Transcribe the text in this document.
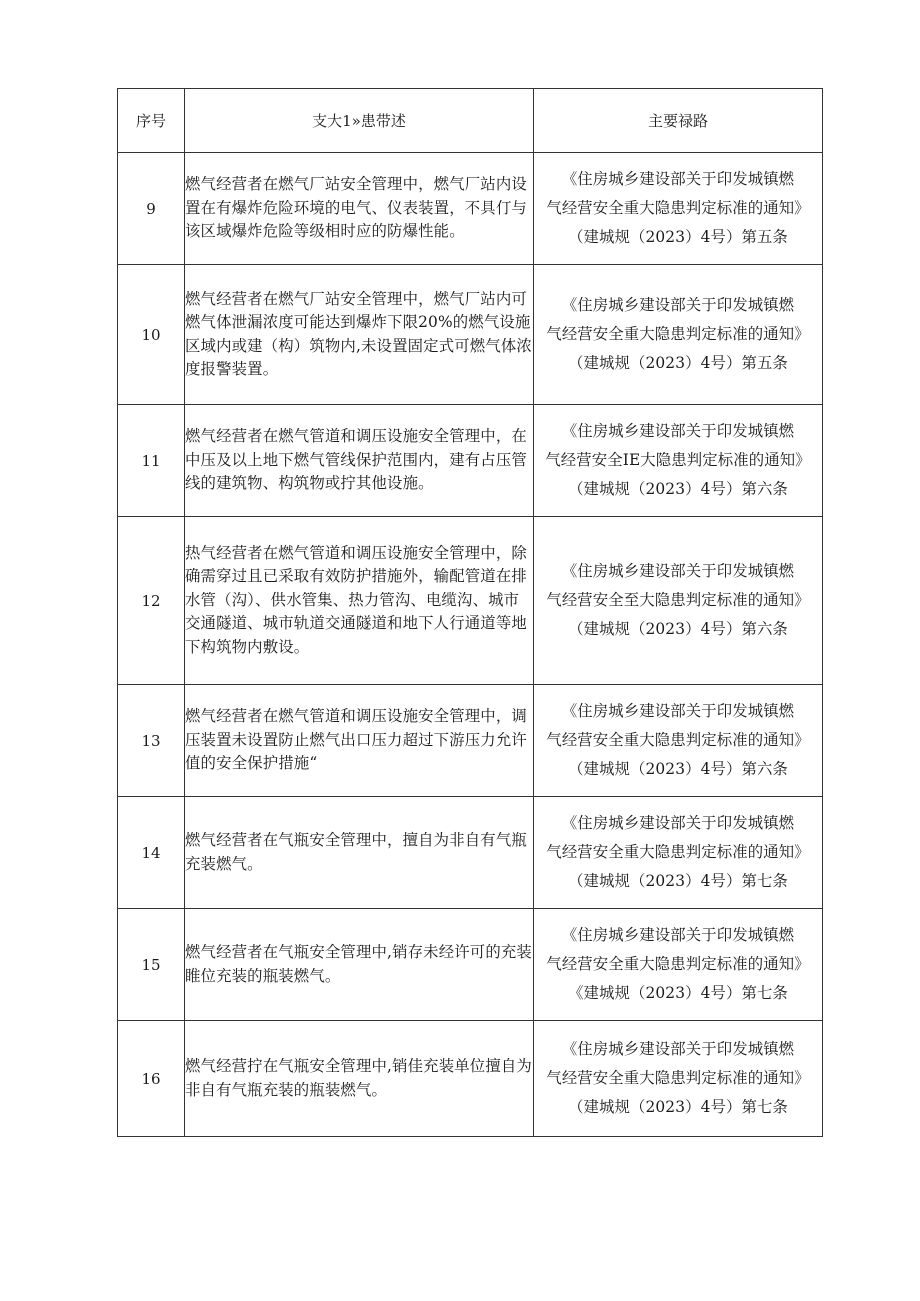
序号	支大1»患带述	主要禄路
9	燃气经营者在燃气厂站安全管理中，燃气厂站内设置在有爆炸危险环境的电气、仪表装置，不具仃与该区域爆炸危险等级相时应的防爆性能。	《住房城乡建设部关于印发城镇燃
气经营安全重大隐患判定标准的通知》
（建城规（2023）4号）第五条

10	燃气经营者在燃气厂站安全管理中，燃气厂站内可燃气体泄漏浓度可能达到爆炸下限20%的燃气设施区域内或建（构）筑物内,未设置固定式可燃气体浓度报警装置。	《住房城乡建设部关于印发城镇燃
气经营安全重大隐患判定标准的通知》
（建城规（2023）4号）第五条

11	燃气经营者在燃气管道和调压设施安全管理中，在中压及以上地下燃气管线保护范围内，建有占压管线的建筑物、构筑物或拧其他设施。	《住房城乡建设部关于印发城镇燃
气经营安全IE大隐患判定标准的通知》
（建城规（2023）4号）第六条

12	热气经营者在燃气管道和调压设施安全管理中，除确需穿过且已采取有效防护措施外，输配管道在排水管（沟）、供水管集、热力管沟、电缆沟、城市交通隧道、城市轨道交通隧道和地下人行通道等地下构筑物内敷设。	《住房城乡建设部关于印发城镇燃
气经营安全至大隐患判定标准的通知》
（建城规（2023）4号）第六条

13	燃气经营者在燃气管道和调压设施安全管理中，调压装置未设置防止燃气出口压力超过下游压力允许值的安全保护措施“	《住房城乡建设部关于印发城镇燃
气经营安全重大隐患判定标准的通知》
（建城规（2023）4号）第六条

14	燃气经营者在气瓶安全管理中，擅自为非自有气瓶充装燃气。	《住房城乡建设部关于印发城镇燃
气经营安全重大隐患判定标准的通知》
（建城规（2023）4号）第七条

15	燃气经营者在气瓶安全管理中,销存未经许可的充装睢位充装的瓶装燃气。	《住房城乡建设部关于印发城镇燃
气经营安全重大隐患判定标准的通知》
《建城规（2023）4号）第七条

16	燃气经营拧在气瓶安全管理中,销佳充装单位擅自为非自有气瓶充装的瓶装燃气。	《住房城乡建设部关于印发城镇燃
气经营安全重大隐患判定标准的通知》
（建城规（2023）4号）第七条
